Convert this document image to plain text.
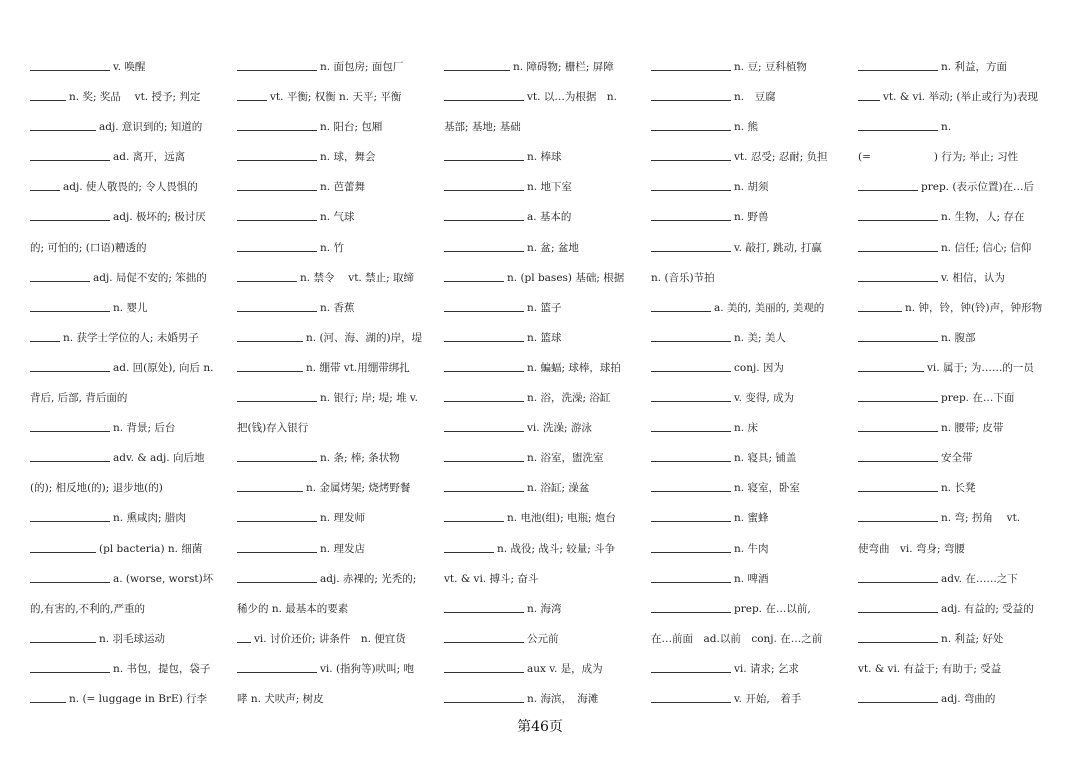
v. 唤醒
n. 奖; 奖品　 vt. 授予; 判定
adj. 意识到的; 知道的
ad. 离开，远离
adj. 使人敬畏的; 令人畏惧的
adj. 极坏的; 极讨厌
的; 可怕的; (口语)糟透的
adj. 局促不安的; 笨拙的
n. 婴儿
n. 获学士学位的人; 未婚男子
ad. 回(原处), 向后 n.
背后, 后部, 背后面的
n. 背景; 后台
adv. & adj. 向后地
(的); 相反地(的); 退步地(的)
n. 熏咸肉; 腊肉
(pl bacteria) n. 细菌
a. (worse, worst)坏
的,有害的,不利的,严重的
n. 羽毛球运动
n. 书包，提包，袋子
n. (= luggage in BrE) 行李
n. 面包房; 面包厂
vt. 平衡; 权衡 n. 天平; 平衡
n. 阳台; 包厢
n. 球，舞会
n. 芭蕾舞
n. 气球
n. 竹
n. 禁令　 vt. 禁止; 取缔
n. 香蕉
n. (河、海、湖的)岸，堤
n. 绷带 vt.用绷带绑扎
n. 银行; 岸; 堤; 堆 v.
把(钱)存入银行
n. 条; 棒; 条状物
n. 金属烤架; 烧烤野餐
n. 理发师
n. 理发店
adj. 赤裸的; 光秃的;
稀少的 n. 最基本的要素
vi. 讨价还价; 讲条件　n. 便宜货
vi. (指狗等)吠叫; 咆
哮 n. 犬吠声; 树皮
n. 障碍物; 栅栏; 屏障
vt. 以…为根据　n.
基部; 基地; 基础
n. 棒球
n. 地下室
a. 基本的
n. 盆; 盆地
n. (pl bases) 基础; 根据
n. 篮子
n. 篮球
n. 蝙蝠; 球棒，球拍
n. 浴，洗澡; 浴缸
vi. 洗澡; 游泳
n. 浴室，盥洗室
n. 浴缸; 澡盆
n. 电池(组); 电瓶; 炮台
n. 战役; 战斗; 较量; 斗争
vt. & vi. 搏斗; 奋斗
n. 海湾
公元前
aux v. 是，成为
n. 海滨，　海滩
n. 豆; 豆科植物
n.　豆腐
n. 熊
vt. 忍受; 忍耐; 负担
n. 胡须
n. 野兽
v. 敲打, 跳动, 打赢
n. (音乐)节拍
a. 美的, 美丽的, 美观的
n. 美; 美人
conj. 因为
v. 变得, 成为
n. 床
n. 寝具; 铺盖
n. 寝室，卧室
n. 蜜蜂
n. 牛肉
n. 啤酒
prep. 在…以前,
在…前面　ad.以前　conj. 在…之前
vi. 请求; 乞求
v. 开始,　着手
n. 利益，方面
vt. & vi. 举动; (举止或行为)表现
n.
(=　　　　　　) 行为; 举止; 习性
prep. (表示位置)在…后
n. 生物，人; 存在
n. 信任; 信心; 信仰
v. 相信，认为
n. 钟，铃，钟(铃)声，钟形物
n. 腹部
vi. 属于; 为……的一员
prep. 在…下面
n. 腰带; 皮带
安全带
n. 长凳
n. 弯; 拐角　 vt.
使弯曲　vi. 弯身; 弯腰
adv. 在……之下
adj. 有益的; 受益的
n. 利益; 好处
vt. & vi. 有益于; 有助于; 受益
adj. 弯曲的
第46页
